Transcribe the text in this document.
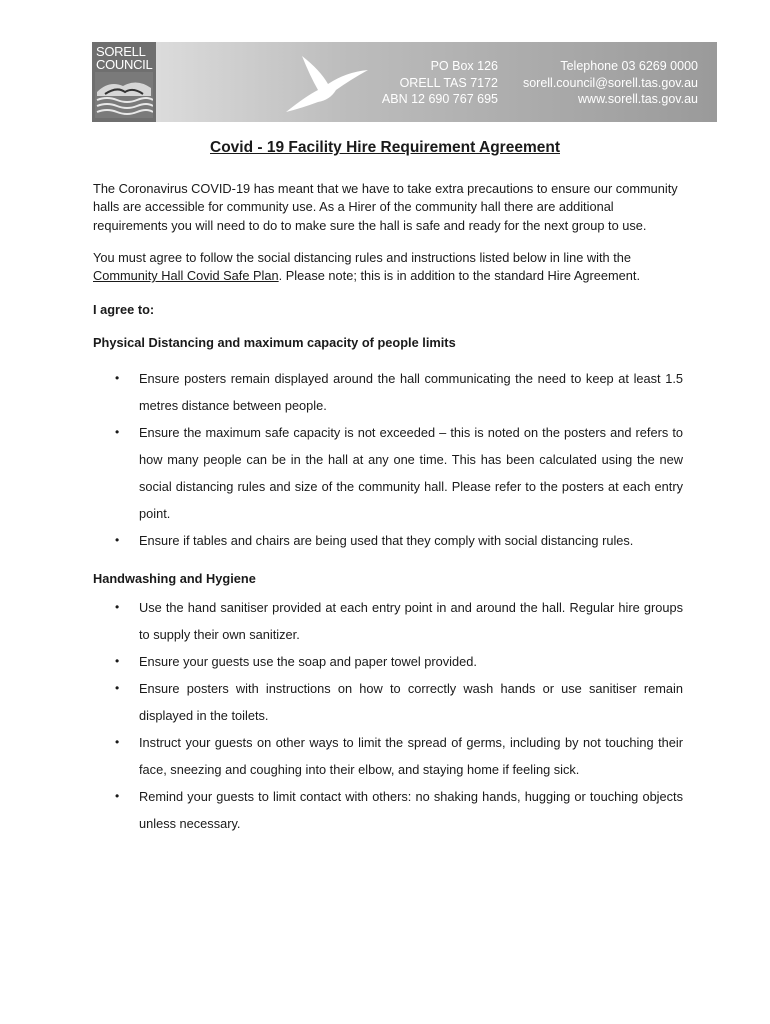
SORELL
COUNCIL	PO Box 126
ORELL TAS 7172
ABN 12 690 767 695
Telephone 03 6269 0000
sorell.council@sorell.tas.gov.au
www.sorell.tas.gov.au
Covid - 19 Facility Hire Requirement Agreement

The Coronavirus COVID-19 has meant that we have to take extra precautions to ensure our community halls are accessible for community use. As a Hirer of the community hall there are additional requirements you will need to do to make sure the hall is safe and ready for the next group to use.

You must agree to follow the social distancing rules and instructions listed below in line with the Community Hall Covid Safe Plan. Please note; this is in addition to the standard Hire Agreement.

I agree to:

Physical Distancing and maximum capacity of people limits

• Ensure posters remain displayed around the hall communicating the need to keep at least 1.5 metres distance between people.
• Ensure the maximum safe capacity is not exceeded – this is noted on the posters and refers to how many people can be in the hall at any one time. This has been calculated using the new social distancing rules and size of the community hall. Please refer to the posters at each entry point.
• Ensure if tables and chairs are being used that they comply with social distancing rules.

Handwashing and Hygiene

• Use the hand sanitiser provided at each entry point in and around the hall. Regular hire groups to supply their own sanitizer.
• Ensure your guests use the soap and paper towel provided.
• Ensure posters with instructions on how to correctly wash hands or use sanitiser remain displayed in the toilets.
• Instruct your guests on other ways to limit the spread of germs, including by not touching their face, sneezing and coughing into their elbow, and staying home if feeling sick.
• Remind your guests to limit contact with others: no shaking hands, hugging or touching objects unless necessary.
